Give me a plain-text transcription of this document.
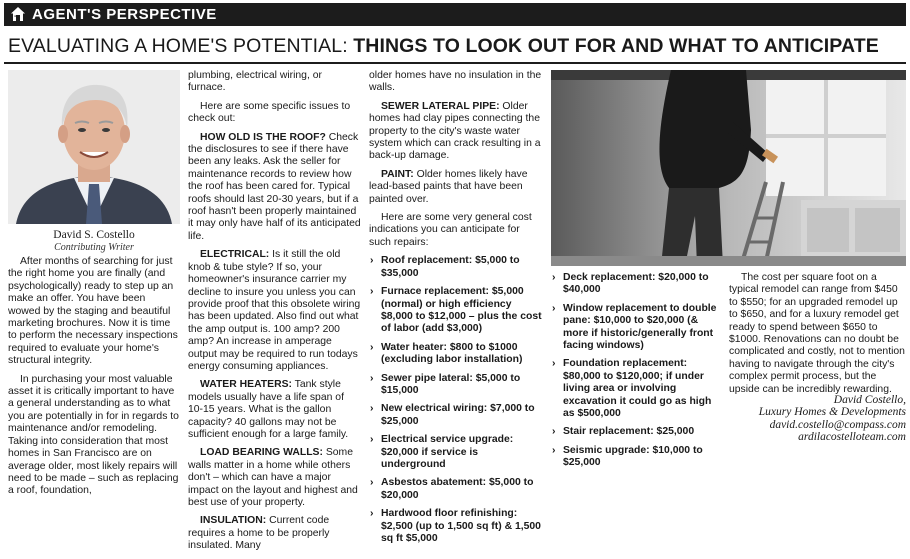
AGENT'S PERSPECTIVE
EVALUATING A HOME'S POTENTIAL: THINGS TO LOOK OUT FOR AND WHAT TO ANTICIPATE
David S. Costello
Contributing Writer

After months of searching for just the right home you are finally (and psychologically) ready to step up an make an offer. You have been wowed by the staging and beautiful marketing brochures. Now it is time to perform the necessary inspections required to evaluate your home's structural integrity.

In purchasing your most valuable asset it is critically important to have a general understanding as to what you are potentially in for in regards to maintenance and/or remodeling. Taking into consideration that most homes in San Francisco are on average older, most likely repairs will need to be made – such as replacing a roof, foundation,

plumbing, electrical wiring, or furnace.

Here are some specific issues to check out:

HOW OLD IS THE ROOF? Check the disclosures to see if there have been any leaks. Ask the seller for maintenance records to review how the roof has been cared for. Typical roofs should last 20-30 years, but if a roof hasn't been properly maintained it may only have half of its anticipated life.

ELECTRICAL: Is it still the old knob & tube style? If so, your homeowner's insurance carrier my decline to insure you unless you can provide proof that this obsolete wiring has been updated. Also find out what the amp output is. 100 amp? 200 amp? An increase in amperage output may be required to run todays energy consuming appliances.

WATER HEATERS: Tank style models usually have a life span of 10-15 years. What is the gallon capacity? 40 gallons may not be sufficient enough for a large family.

LOAD BEARING WALLS: Some walls matter in a home while others don't – which can have a major impact on the layout and highest and best use of your property.

INSULATION: Current code requires a home to be properly insulated. Many

older homes have no insulation in the walls.

SEWER LATERAL PIPE: Older homes had clay pipes connecting the property to the city's waste water system which can crack resulting in a back-up damage.

PAINT: Older homes likely have lead-based paints that have been painted over.

Here are some very general cost indications you can anticipate for such repairs:

› Roof replacement: $5,000 to $35,000
› Furnace replacement: $5,000 (normal) or high efficiency $8,000 to $12,000 – plus the cost of labor (add $3,000)
› Water heater: $800 to $1000 (excluding labor installation)
› Sewer pipe lateral: $5,000 to $15,000
› New electrical wiring: $7,000 to $25,000
› Electrical service upgrade: $20,000 if service is underground
› Asbestos abatement: $5,000 to $20,000
› Hardwood floor refinishing: $2,500 (up to 1,500 sq ft) & 1,500 sq ft $5,000
› Deck replacement: $20,000 to $40,000
› Window replacement to double pane: $10,000 to $20,000 (& more if historic/generally front facing windows)
› Foundation replacement: $80,000 to $120,000; if under living area or involving excavation it could go as high as $500,000
› Stair replacement: $25,000
› Seismic upgrade: $10,000 to $25,000

The cost per square foot on a typical remodel can range from $450 to $550; for an upgraded remodel up to $650, and for a luxury remodel get ready to spend between $650 to $1000. Renovations can no doubt be complicated and costly, not to mention having to navigate through the city's complex permit process, but the upside can be incredibly rewarding.

David Costello,
Luxury Homes & Developments
david.costello@compass.com
ardilacostelloteam.com
